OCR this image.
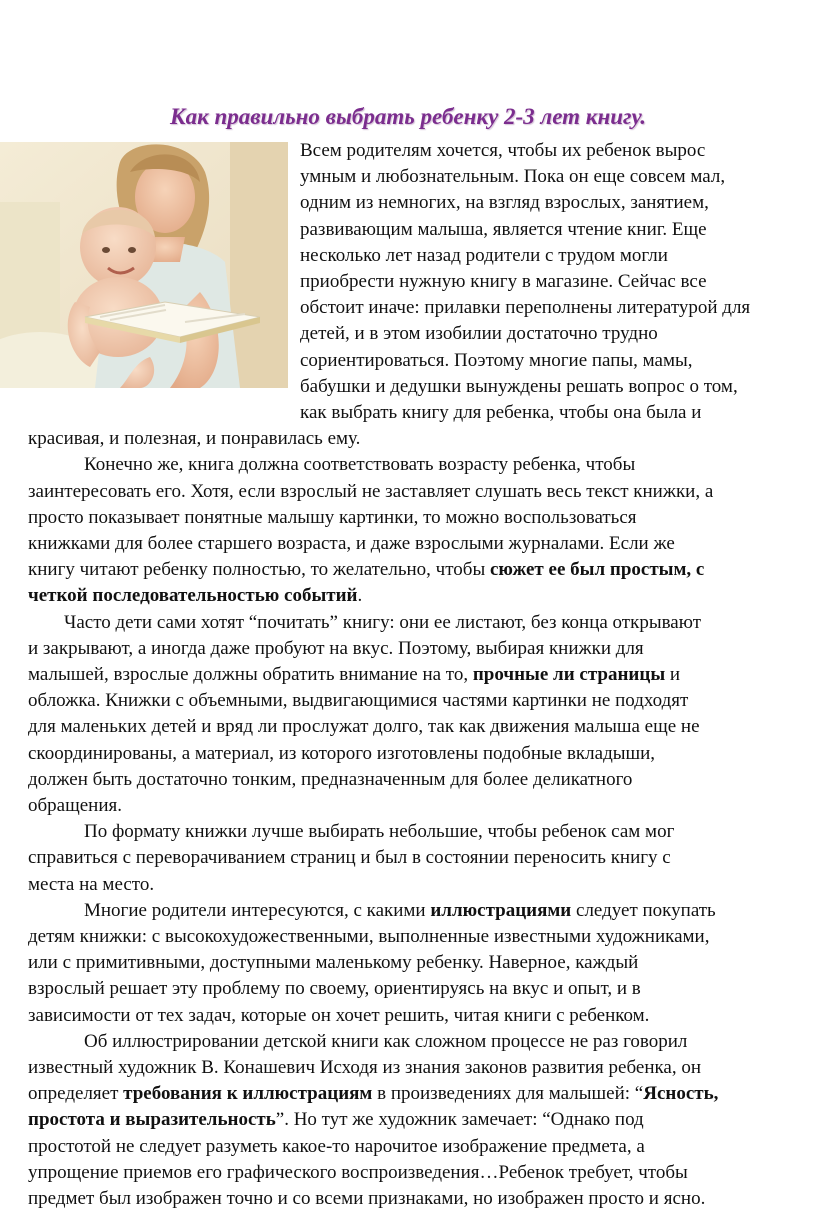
Как правильно выбрать ребенку 2-3 лет книгу.
Всем родителям хочется, чтобы их ребенок вырос
умным и любознательным. Пока он еще совсем мал,
одним из немногих, на взгляд взрослых, занятием,
развивающим малыша, является чтение книг. Еще
несколько лет назад родители с трудом могли
приобрести нужную книгу в магазине. Сейчас все
обстоит иначе: прилавки переполнены литературой для
детей, и в этом изобилии достаточно трудно
сориентироваться. Поэтому многие папы, мамы,
бабушки и дедушки вынуждены решать вопрос о том,
как выбрать книгу для ребенка, чтобы она была и
красивая, и полезная, и понравилась ему.
Конечно же, книга должна соответствовать возрасту ребенка, чтобы
заинтересовать его. Хотя, если взрослый не заставляет слушать весь текст книжки, а
просто показывает понятные малышу картинки, то можно воспользоваться
книжками для более старшего возраста, и даже взрослыми журналами. Если же
книгу читают ребенку полностью, то желательно, чтобы сюжет ее был простым, с
четкой последовательностью событий.
Часто дети сами хотят “почитать” книгу: они ее листают, без конца открывают
и закрывают, а иногда даже пробуют на вкус. Поэтому, выбирая книжки для
малышей, взрослые должны обратить внимание на то, прочные ли страницы и
обложка. Книжки с объемными, выдвигающимися частями картинки не подходят
для маленьких детей и вряд ли прослужат долго, так как движения малыша еще не
скоординированы, а материал, из которого изготовлены подобные вкладыши,
должен быть достаточно тонким, предназначенным для более деликатного
обращения.
По формату книжки лучше выбирать небольшие, чтобы ребенок сам мог
справиться с переворачиванием страниц и был в состоянии переносить книгу с
места на место.
Многие родители интересуются, с какими иллюстрациями следует покупать
детям книжки: с высокохудожественными, выполненные известными художниками,
или с примитивными, доступными маленькому ребенку. Наверное, каждый
взрослый решает эту проблему по своему, ориентируясь на вкус и опыт, и в
зависимости от тех задач, которые он хочет решить, читая книги с ребенком.
Об иллюстрировании детской книги как сложном процессе не раз говорил
известный художник В. Конашевич Исходя из знания законов развития ребенка, он
определяет требования к иллюстрациям в произведениях для малышей: “Ясность,
простота и выразительность”. Но тут же художник замечает: “Однако под
простотой не следует разуметь какое-то нарочитое изображение предмета, а
упрощение приемов его графического воспроизведения…Ребенок требует, чтобы
предмет был изображен точно и со всеми признаками, но изображен просто и ясно.
